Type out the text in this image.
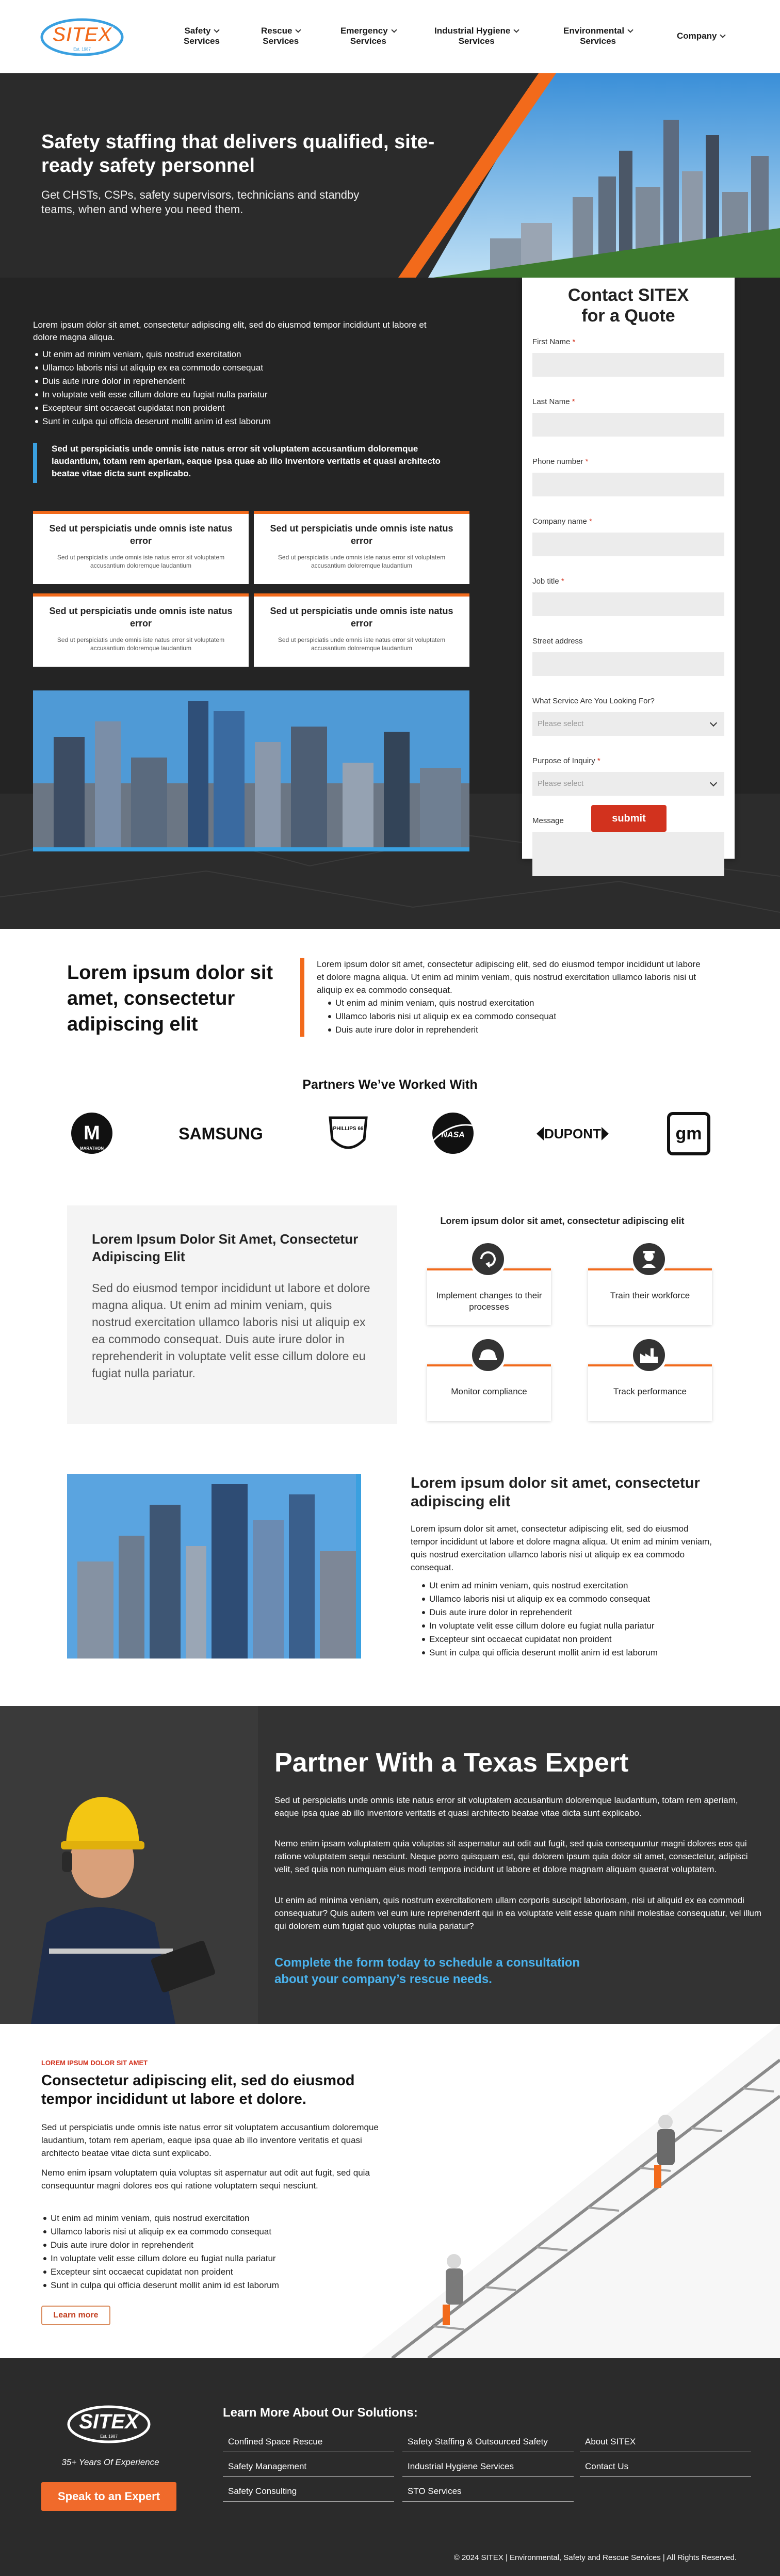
SITEX
Est. 1987
Safety
Services
Rescue
Services
Emergency
Services
Industrial Hygiene
Services
Environmental
Services
Company
Safety staffing that delivers qualified, site-ready safety personnel

Get CHSTs, CSPs, safety supervisors, technicians and standby teams, when and where you need them.

Lorem ipsum dolor sit amet, consectetur adipiscing elit, sed do eiusmod tempor incididunt ut labore et dolore magna aliqua.

Ut enim ad minim veniam, quis nostrud exercitation
Ullamco laboris nisi ut aliquip ex ea commodo consequat
Duis aute irure dolor in reprehenderit
In voluptate velit esse cillum dolore eu fugiat nulla pariatur
Excepteur sint occaecat cupidatat non proident
Sunt in culpa qui officia deserunt mollit anim id est laborum
Sed ut perspiciatis unde omnis iste natus error sit voluptatem accusantium doloremque laudantium, totam rem aperiam, eaque ipsa quae ab illo inventore veritatis et quasi architecto beatae vitae dicta sunt explicabo.
Sed ut perspiciatis unde omnis iste natus error
Sed ut perspiciatis unde omnis iste natus error sit voluptatem accusantium doloremque laudantium
Sed ut perspiciatis unde omnis iste natus error
Sed ut perspiciatis unde omnis iste natus error sit voluptatem accusantium doloremque laudantium
Sed ut perspiciatis unde omnis iste natus error
Sed ut perspiciatis unde omnis iste natus error sit voluptatem accusantium doloremque laudantium
Sed ut perspiciatis unde omnis iste natus error
Sed ut perspiciatis unde omnis iste natus error sit voluptatem accusantium doloremque laudantium
Contact SITEX
for a Quote
First Name *
Last Name *
Phone number *
Company name *
Job title *
Street address
What Service Are You Looking For?
Please select
Purpose of Inquiry *
Please select
Message	submit
Lorem ipsum dolor sit amet, consectetur adipiscing elit

Lorem ipsum dolor sit amet, consectetur adipiscing elit, sed do eiusmod tempor incididunt ut labore et dolore magna aliqua. Ut enim ad minim veniam, quis nostrud exercitation ullamco laboris nisi ut aliquip ex ea commodo consequat.

Ut enim ad minim veniam, quis nostrud exercitation
Ullamco laboris nisi ut aliquip ex ea commodo consequat
Duis aute irure dolor in reprehenderit
Partners We’ve Worked With
M
MARATHON
SAMSUNG	PHILLIPS 66
NASA	DUPONT	gm
Lorem Ipsum Dolor Sit Amet, Consectetur Adipiscing Elit

Sed do eiusmod tempor incididunt ut labore et dolore magna aliqua. Ut enim ad minim veniam, quis nostrud exercitation ullamco laboris nisi ut aliquip ex ea commodo consequat. Duis aute irure dolor in reprehenderit in voluptate velit esse cillum dolore eu fugiat nulla pariatur.

Lorem ipsum dolor sit amet, consectetur adipiscing elit
Implement changes to their processes
Train their workforce
Monitor compliance	Track performance
Lorem ipsum dolor sit amet, consectetur adipiscing elit

Lorem ipsum dolor sit amet, consectetur adipiscing elit, sed do eiusmod tempor incididunt ut labore et dolore magna aliqua. Ut enim ad minim veniam, quis nostrud exercitation ullamco laboris nisi ut aliquip ex ea commodo consequat.

Ut enim ad minim veniam, quis nostrud exercitation
Ullamco laboris nisi ut aliquip ex ea commodo consequat
Duis aute irure dolor in reprehenderit
In voluptate velit esse cillum dolore eu fugiat nulla pariatur
Excepteur sint occaecat cupidatat non proident
Sunt in culpa qui officia deserunt mollit anim id est laborum
Partner With a Texas Expert

Sed ut perspiciatis unde omnis iste natus error sit voluptatem accusantium doloremque laudantium, totam rem aperiam, eaque ipsa quae ab illo inventore veritatis et quasi architecto beatae vitae dicta sunt explicabo.

Nemo enim ipsam voluptatem quia voluptas sit aspernatur aut odit aut fugit, sed quia consequuntur magni dolores eos qui ratione voluptatem sequi nesciunt. Neque porro quisquam est, qui dolorem ipsum quia dolor sit amet, consectetur, adipisci velit, sed quia non numquam eius modi tempora incidunt ut labore et dolore magnam aliquam quaerat voluptatem.

Ut enim ad minima veniam, quis nostrum exercitationem ullam corporis suscipit laboriosam, nisi ut aliquid ex ea commodi consequatur? Quis autem vel eum iure reprehenderit qui in ea voluptate velit esse quam nihil molestiae consequatur, vel illum qui dolorem eum fugiat quo voluptas nulla pariatur?

Complete the form today to schedule a consultation about your company’s rescue needs.

LOREM IPSUM DOLOR SIT AMET
Consectetur adipiscing elit, sed do eiusmod tempor incididunt ut labore et dolore.

Sed ut perspiciatis unde omnis iste natus error sit voluptatem accusantium doloremque laudantium, totam rem aperiam, eaque ipsa quae ab illo inventore veritatis et quasi architecto beatae vitae dicta sunt explicabo.

Nemo enim ipsam voluptatem quia voluptas sit aspernatur aut odit aut fugit, sed quia consequuntur magni dolores eos qui ratione voluptatem sequi nesciunt.

Ut enim ad minim veniam, quis nostrud exercitation
Ullamco laboris nisi ut aliquip ex ea commodo consequat
Duis aute irure dolor in reprehenderit
In voluptate velit esse cillum dolore eu fugiat nulla pariatur
Excepteur sint occaecat cupidatat non proident
Sunt in culpa qui officia deserunt mollit anim id est laborum
Learn more
SITEX
Est. 1987
35+ Years Of Experience
Speak to an Expert
Learn More About Our Solutions:
Confined Space Rescue	Safety Staffing & Outsourced Safety	About SITEX
Safety Management	Industrial Hygiene Services	Contact Us
Safety Consulting	STO Services
© 2024 SITEX | Environmental, Safety and Rescue Services | All Rights Reserved.
